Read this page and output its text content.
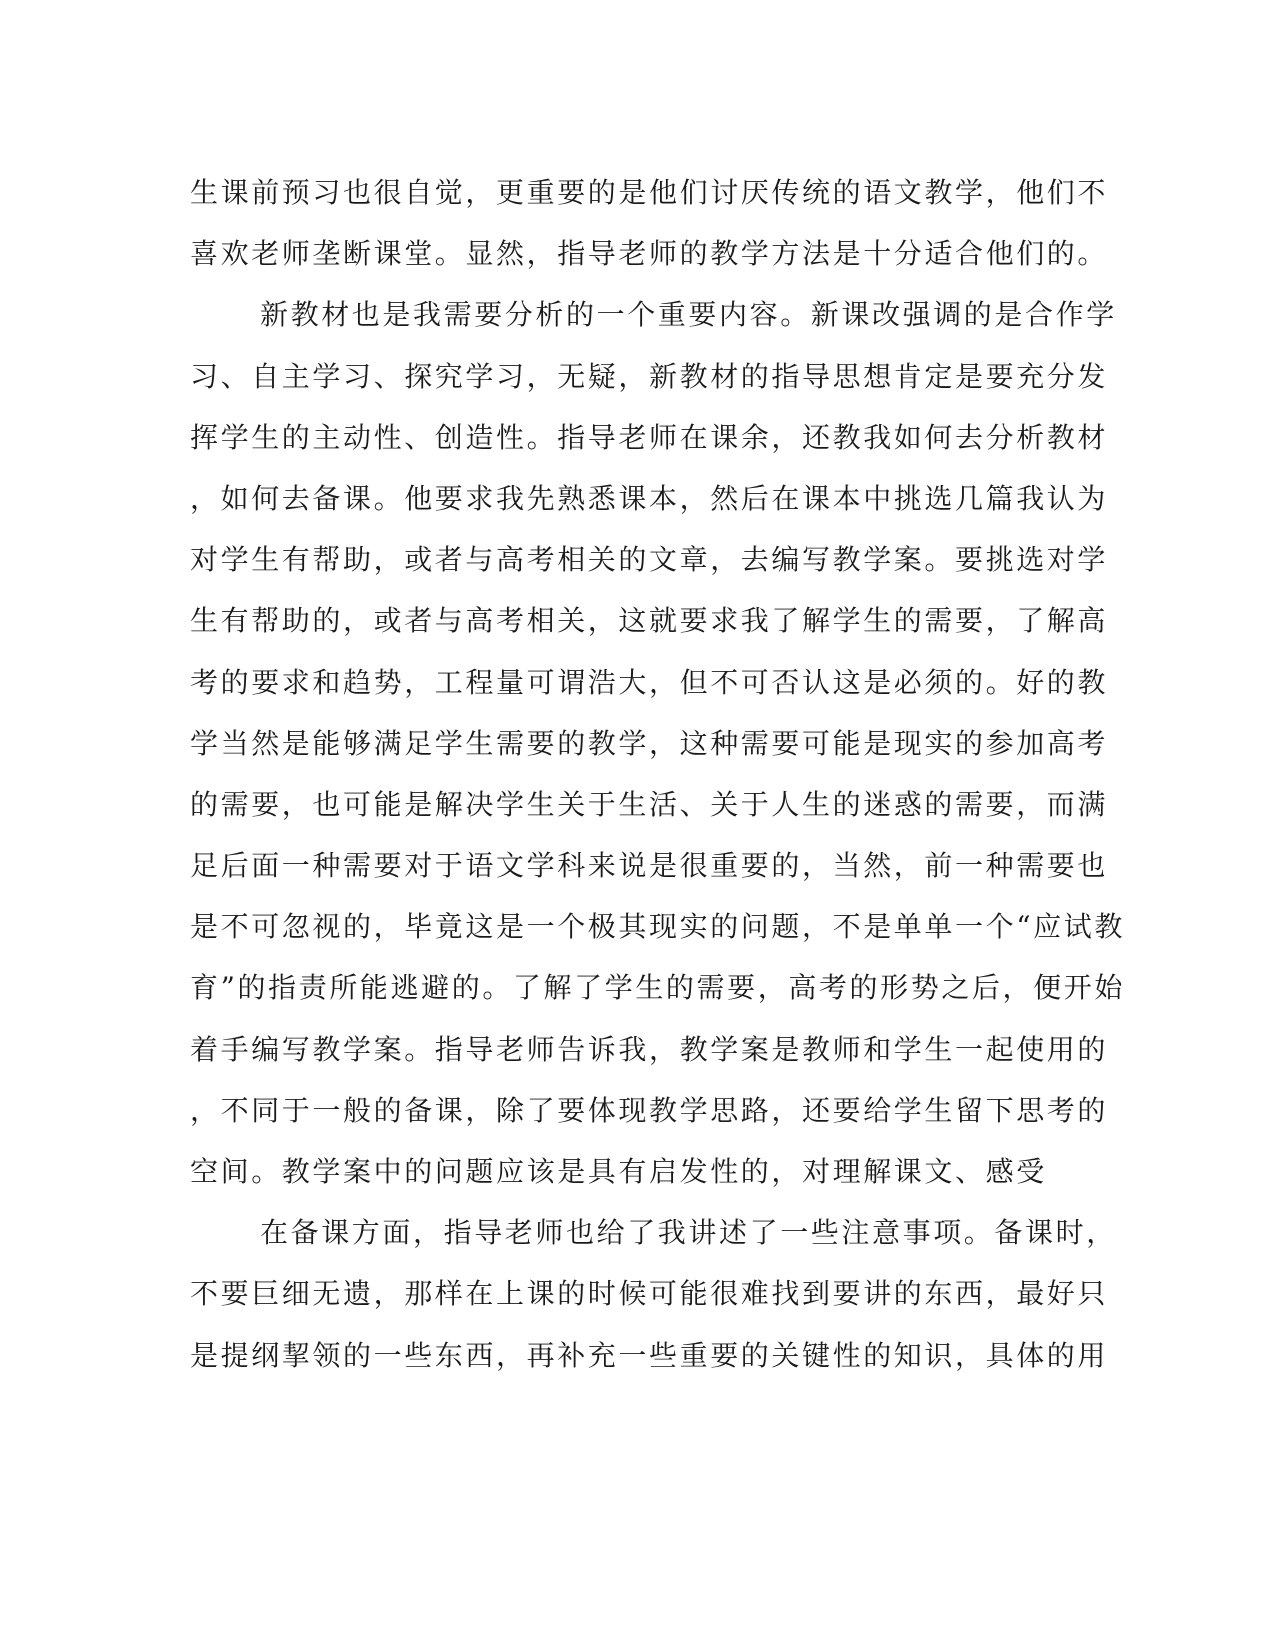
生课前预习也很自觉，更重要的是他们讨厌传统的语文教学，他们不
喜欢老师垄断课堂。显然，指导老师的教学方法是十分适合他们的。
新教材也是我需要分析的一个重要内容。新课改强调的是合作学
习、自主学习、探究学习，无疑，新教材的指导思想肯定是要充分发
挥学生的主动性、创造性。指导老师在课余，还教我如何去分析教材
，如何去备课。他要求我先熟悉课本，然后在课本中挑选几篇我认为
对学生有帮助，或者与高考相关的文章，去编写教学案。要挑选对学
生有帮助的，或者与高考相关，这就要求我了解学生的需要，了解高
考的要求和趋势，工程量可谓浩大，但不可否认这是必须的。好的教
学当然是能够满足学生需要的教学，这种需要可能是现实的参加高考
的需要，也可能是解决学生关于生活、关于人生的迷惑的需要，而满
足后面一种需要对于语文学科来说是很重要的，当然，前一种需要也
是不可忽视的，毕竟这是一个极其现实的问题，不是单单一个“应试教
育”的指责所能逃避的。了解了学生的需要，高考的形势之后，便开始
着手编写教学案。指导老师告诉我，教学案是教师和学生一起使用的
，不同于一般的备课，除了要体现教学思路，还要给学生留下思考的
空间。教学案中的问题应该是具有启发性的，对理解课文、感受
在备课方面，指导老师也给了我讲述了一些注意事项。备课时，
不要巨细无遗，那样在上课的时候可能很难找到要讲的东西，最好只
是提纲挈领的一些东西，再补充一些重要的关键性的知识，具体的用
